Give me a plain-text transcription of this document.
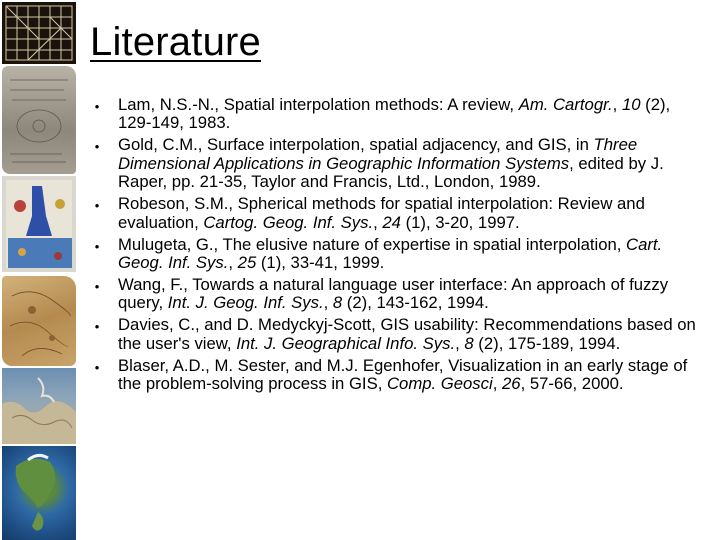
Literature
•	Lam, N.S.-N., Spatial interpolation methods: A review, Am. Cartogr., 10 (2), 129-149, 1983.
•	Gold, C.M., Surface interpolation, spatial adjacency, and GIS, in Three Dimensional Applications in Geographic Information Systems, edited by J. Raper, pp. 21-35, Taylor and Francis, Ltd., London, 1989.
•	Robeson, S.M., Spherical methods for spatial interpolation: Review and evaluation, Cartog. Geog. Inf. Sys., 24 (1), 3-20, 1997.
•	Mulugeta, G., The elusive nature of expertise in spatial interpolation, Cart. Geog. Inf. Sys., 25 (1), 33-41, 1999.
•	Wang, F., Towards a natural language user interface: An approach of fuzzy query, Int. J. Geog. Inf. Sys., 8 (2), 143-162, 1994.
•	Davies, C., and D. Medyckyj-Scott, GIS usability: Recommendations based on the user's view, Int. J. Geographical Info. Sys., 8 (2), 175-189, 1994.
•	Blaser, A.D., M. Sester, and M.J. Egenhofer, Visualization in an early stage of the problem-solving process in GIS, Comp. Geosci, 26, 57-66, 2000.
